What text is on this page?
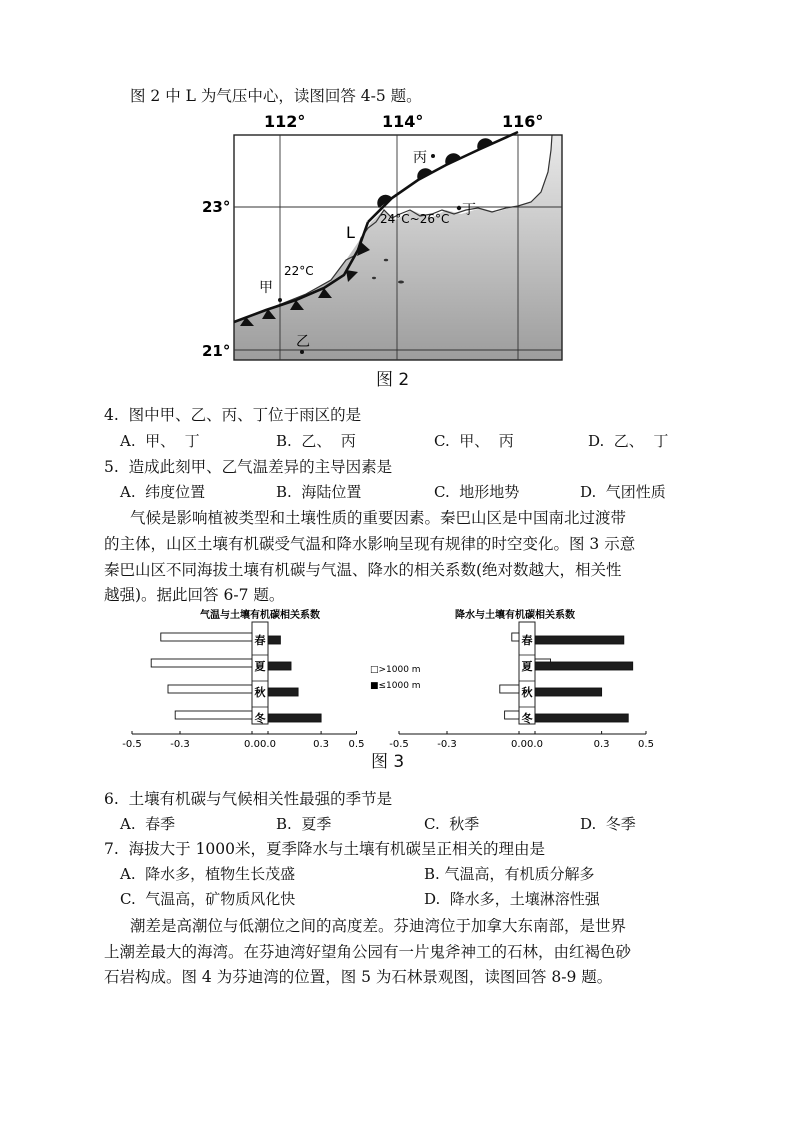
图 2 中 L 为气压中心，读图回答 4-5 题。
112°	114°	116°
23°
21°
丙
丁
24°C~26°C
L
22°C
甲
乙
图 2
4.  图中甲、乙、丙、丁位于雨区的是
A.  甲、  丁	B.  乙、  丙	C.  甲、  丙	D.  乙、  丁
5.  造成此刻甲、乙气温差异的主导因素是
A.  纬度位置	B.  海陆位置	C.  地形地势	D.  气团性质
气候是影响植被类型和土壤性质的重要因素。秦巴山区是中国南北过渡带
的主体，山区土壤有机碳受气温和降水影响呈现有规律的时空变化。图 3 示意
秦巴山区不同海拔土壤有机碳与气温、降水的相关系数(绝对数越大，相关性
越强)。据此回答 6-7 题。
气温与土壤有机碳相关系数
春
夏
秋
冬
-0.5	-0.3	0.0 0.0	0.3 0.5
降水与土壤有机碳相关系数
春
夏
秋
冬
-0.5	-0.3	0.0 0.0	0.3	0.5
□>1000 m
■≤1000 m
图 3
6.  土壤有机碳与气候相关性最强的季节是
A.  春季	B.  夏季	C.  秋季	D.  冬季
7.  海拔大于 1000米，夏季降水与土壤有机碳呈正相关的理由是
A.  降水多，植物生长茂盛	B. 气温高，有机质分解多
C.  气温高，矿物质风化快	D.  降水多，土壤淋溶性强
潮差是高潮位与低潮位之间的高度差。芬迪湾位于加拿大东南部，是世界
上潮差最大的海湾。在芬迪湾好望角公园有一片鬼斧神工的石林，由红褐色砂
石岩构成。图 4 为芬迪湾的位置，图 5 为石林景观图，读图回答 8-9 题。
